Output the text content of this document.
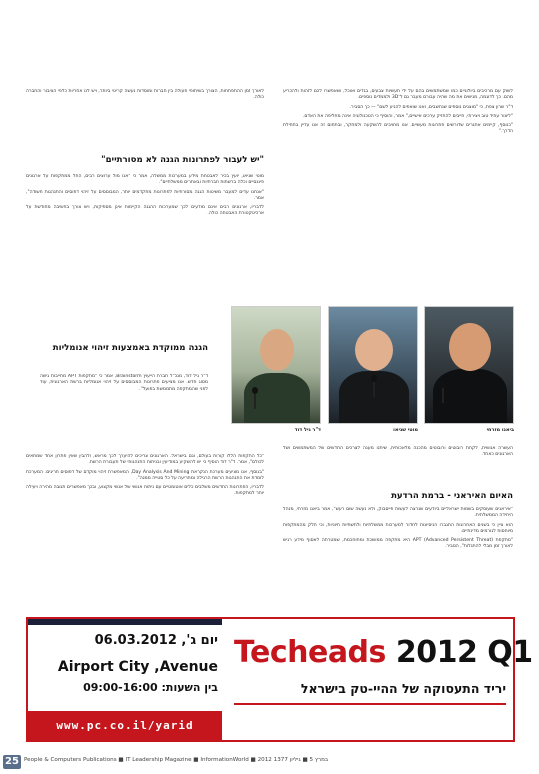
לשוק עם מרכיבים ביולוגיים כמו שמשתמשים בהם על ידי תעשיות צבעים, בגדים ואוכל, ושאפשרו לכם לזהות ולהכריע מהם. כך לדוגמה, מגישים את מה שהיה עבורם מעבר גם ל־3D ולממדים נוספים.

ד"ר שרון צפת, כי "מוצגים נוספים שנחשבים, ואנו שואפים להגיע לשם" — כך הסביר.

"ליצור עתיד טוב ויצירתי, חייבים להחזיק ערכים אישיים," אמר, והוסיף כי הטכנולוגיה אינה מחליפה את האדם.

"כנוסף, קיימים אתגרים שדורשים פתרונות מעשיים. אנו מחויבים להשקעה ולמחקר, ובתחום זה אנו עדיין בתחילת הדרך."

לאורך זמן ההתפתחות, הצורך בשיתופי פעולה בין חברות ומוסדות נעשה קריטי ביותר, ויש לנו אחריות כלפי הציבור והחברה כולה.

"יש לעבור לפתרונות הגנה לא מסורתיים"

מוטי שניאו, יועץ בכיר לאבטחת מידע במערכות ממשלה, אמר כי "אנו מול ערוצים רבים, החל ממתקפות על ארגונים פיננסיים וכלה ברשתות חברתיות ובאתרים ממשלתיים".

"אנחנו עדים למעבר משיטות הגנה מסורתיות לפתרונות מתקדמים יותר, המבוססים על זיהוי דפוסים והתנהגות חשודה", אמר.

לדבריו, ארגונים רבים אינם מודעים לכך שמערכות ההגנה הקיימות אינן מספיקות, ויש צורך בחשיבה מחודשת על ארכיטקטורת האבטחה כולה.

ד"ר גיל דוד	מוטי שניאו	ביאנו מזרחי
הגנה ממוקדת באמצעות זיהוי אנומליות

ד"ר גיל דוד, מנכ"ל חברת הייעוץ Brainstorm, אמר כי "מתקפות APT מחייבות גישה מסוג חדש. אנו מציעים פתרונות המבוססים על זיהוי אנומליות ברשת הארגונית, עוד לפני שהמתקפה מתממשת בפועל".

"כל התקפות הללו קורות בעולם, וגם בישראל. הארגונים צריכים להיערך לכך מראש, ולהבין שאין פתרון אחד שמתאים לכולם", אמר. ד"ר דוד הוסיף כי יש להשקיע במודיעין ובניתוח התנהגותי של תעבורת הרשת.

"בנוסף, אנו מציעים מערכת הנקראת Day Analysis And Mining, המאפשרת זיהוי מוקדם של דפוסים חריגים. המערכת לומדת את התנהגות הרשת הרגילה ומתריעה על כל סטייה ממנה".

לדבריו, הפתרונות החדשים משלבים כלים אוטומטיים עם ניתוח אנושי של אנשי מקצוע, ובכך מאפשרים תגובה מהירה ויעילה יותר למתקפות.

העשרה אנושית, לקחת רובוטים ורובוטים מהכנה מלאכותית, שיתנו מענה לצרכים החדשים של המשתמשים ושל הארגונים כאחד.

האיום האיראני - ברמת הרדעת

"איראנים שעוסקים בשמות ישראליים ביודעים שנרצה לעשות פייסבוק, ולא נעשה שום רעש", אמר ביאנו מזרחי, מנהל היחידה הממשלתית.

הוא ציין כי בשנים האחרונות התגברו הניסיונות לחדור למערכות ממשלתיות ולתשתיות חיוניות, וכי חלק מהמתקפות מיוחסות לגורמים מדינתיים.

"מתקפת APT (Advanced Persistent Threat) היא מתקפה ממושכת ומתוחכמת, שמטרתה לאסוף מידע רגיש לאורך זמן מבלי להתגלות", הסביר.

יום ג', 06.03.2012
Airport City ,Avenue
בין השעות: 09:00-16:00
www.pc.co.il/yarid
Techeads 2012 Q1
יריד התעסוקה של ההיי-טק בישראל
25 People & Computers Publications ■ IT Leadership Magazine ■ InformationWorld ■ 2012 במרץ 5 ■ גיליון 1377
